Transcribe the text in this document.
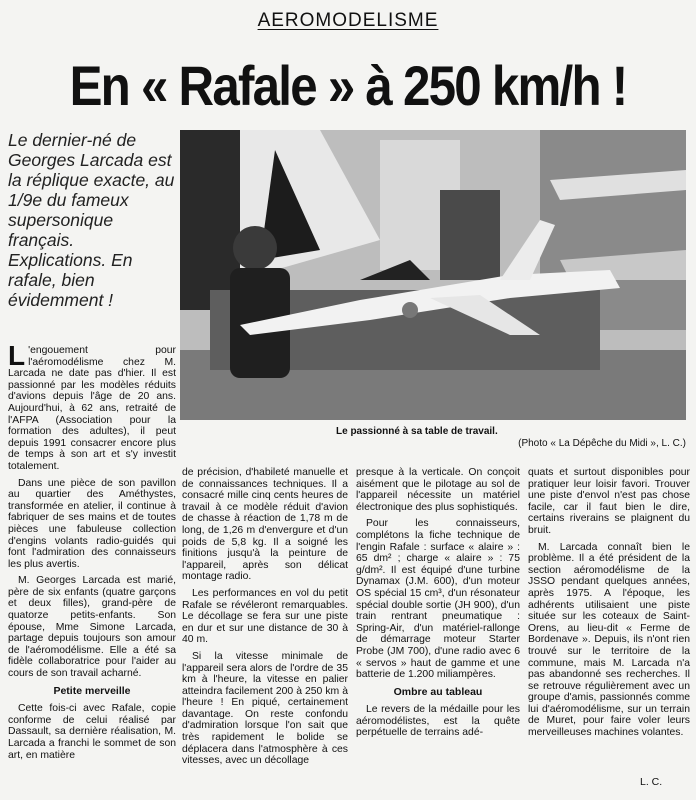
AEROMODELISME
En « Rafale » à 250 km/h !
Le dernier-né de Georges Larcada est la réplique exacte, au 1/9e du fameux supersonique français. Explications. En rafale, bien évidemment !
Le passionné à sa table de travail.
(Photo « La Dépêche du Midi », L. C.)

L 'engouement pour l'aéromodélisme chez M. Larcada ne date pas d'hier. Il est passionné par les modèles réduits d'avions depuis l'âge de 20 ans. Aujourd'hui, à 62 ans, retraité de l'AFPA (Association pour la formation des adultes), il peut depuis 1991 consacrer encore plus de temps à son art et s'y investit totalement.

Dans une pièce de son pavillon au quartier des Améthystes, transformée en atelier, il continue à fabriquer de ses mains et de toutes pièces une fabuleuse collection d'engins volants radio-guidés qui font l'admiration des connaisseurs les plus avertis.

M. Georges Larcada est marié, père de six enfants (quatre garçons et deux filles), grand-père de quatorze petits-enfants. Son épouse, Mme Simone Larcada, partage depuis toujours son amour de l'aéromodélisme. Elle a été sa fidèle collaboratrice pour l'aider au cours de son travail acharné.

Petite merveille

Cette fois-ci avec Rafale, copie conforme de celui réalisé par Dassault, sa dernière réalisation, M. Larcada a franchi le sommet de son art, en matière

de précision, d'habileté manuelle et de connaissances techniques. Il a consacré mille cinq cents heures de travail à ce modèle réduit d'avion de chasse à réaction de 1,78 m de long, de 1,26 m d'envergure et d'un poids de 5,8 kg. Il a soigné les finitions jusqu'à la peinture de l'appareil, après son délicat montage radio.

Les performances en vol du petit Rafale se révéleront remarquables. Le décollage se fera sur une piste en dur et sur une distance de 30 à 40 m.

Si la vitesse minimale de l'appareil sera alors de l'ordre de 35 km à l'heure, la vitesse en palier atteindra facilement 200 à 250 km à l'heure ! En piqué, certainement davantage. On reste confondu d'admiration lorsque l'on sait que très rapidement le bolide se déplacera dans l'atmosphère à ces vitesses, avec un décollage

presque à la verticale. On conçoit aisément que le pilotage au sol de l'appareil nécessite un matériel électronique des plus sophistiqués.

Pour les connaisseurs, complétons la fiche technique de l'engin Rafale : surface « alaire » : 65 dm² ; charge « alaire » : 75 g/dm². Il est équipé d'une turbine Dynamax (J.M. 600), d'un moteur OS spécial 15 cm³, d'un résonateur spécial double sortie (JH 900), d'un train rentrant pneumatique : Spring-Air, d'un matériel-rallonge de démarrage moteur Starter Probe (JM 700), d'une radio avec 6 « servos » haut de gamme et une batterie de 1.200 miliampères.

Ombre au tableau

Le revers de la médaille pour les aéromodélistes, est la quête perpétuelle de terrains adé-

quats et surtout disponibles pour pratiquer leur loisir favori. Trouver une piste d'envol n'est pas chose facile, car il faut bien le dire, certains riverains se plaignent du bruit.

M. Larcada connaît bien le problème. Il a été président de la section aéromodélisme de la JSSO pendant quelques années, après 1975. A l'époque, les adhérents utilisaient une piste située sur les coteaux de Saint-Orens, au lieu-dit « Ferme de Bordenave ». Depuis, ils n'ont rien trouvé sur le territoire de la commune, mais M. Larcada n'a pas abandonné ses recherches. Il se retrouve régulièrement avec un groupe d'amis, passionnés comme lui d'aéromodélisme, sur un terrain de Muret, pour faire voler leurs merveilleuses machines volantes.

L. C.
